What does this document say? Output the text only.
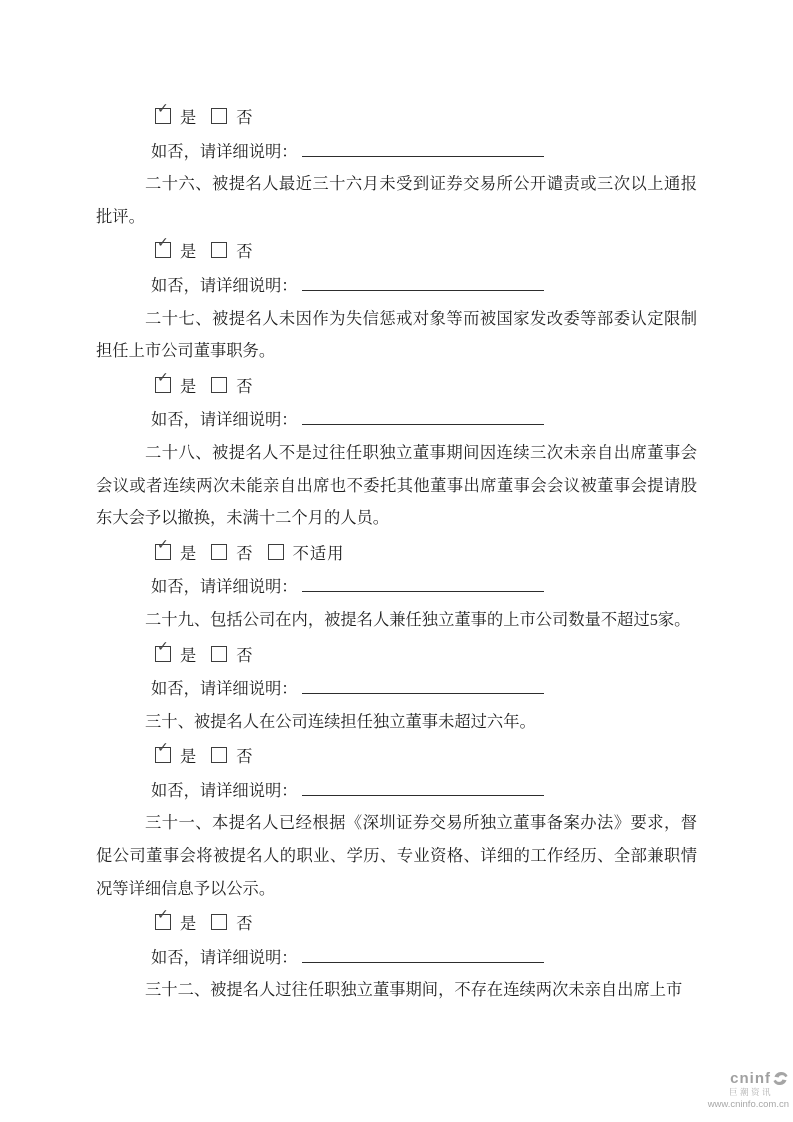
✓ 是 否
如否，请详细说明：

二十六、被提名人最近三十六月未受到证券交易所公开谴责或三次以上通报批评。

✓ 是 否
如否，请详细说明：

二十七、被提名人未因作为失信惩戒对象等而被国家发改委等部委认定限制担任上市公司董事职务。

✓ 是 否
如否，请详细说明：

二十八、被提名人不是过往任职独立董事期间因连续三次未亲自出席董事会会议或者连续两次未能亲自出席也不委托其他董事出席董事会会议被董事会提请股东大会予以撤换，未满十二个月的人员。

✓ 是 否 不适用
如否，请详细说明：

二十九、包括公司在内，被提名人兼任独立董事的上市公司数量不超过5家。

✓ 是 否
如否，请详细说明：

三十、被提名人在公司连续担任独立董事未超过六年。

✓ 是 否
如否，请详细说明：

三十一、本提名人已经根据《深圳证券交易所独立董事备案办法》要求，督促公司董事会将被提名人的职业、学历、专业资格、详细的工作经历、全部兼职情况等详细信息予以公示。

✓ 是 否
如否，请详细说明：

三十二、被提名人过往任职独立董事期间，不存在连续两次未亲自出席上市

cninf
巨潮资讯
www.cninfo.com.cn
